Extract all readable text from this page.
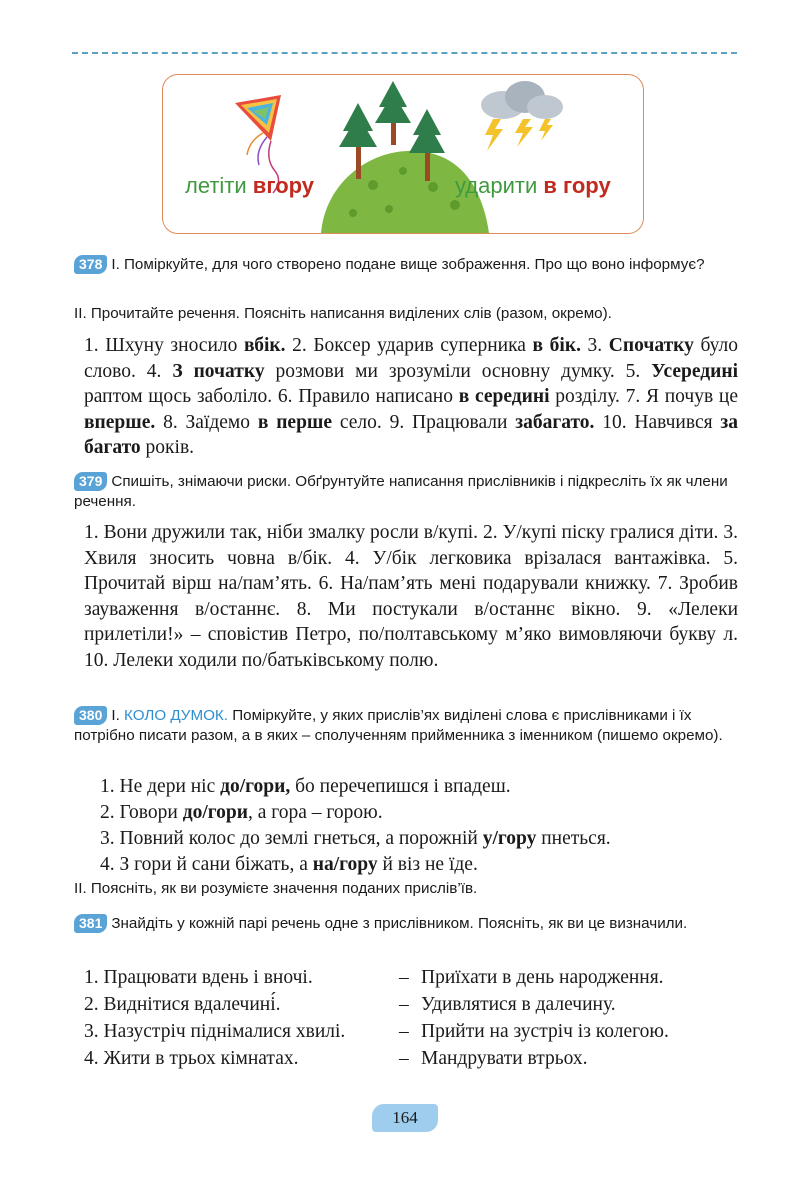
летіти вгору	ударити в гору
378 І. Поміркуйте, для чого створено подане вище зображення. Про що воно інформує?
ІІ. Прочитайте речення. Поясніть написання виділених слів (разом, окремо).
1. Шхуну зносило вбік. 2. Боксер ударив суперника в бік. 3. Спочатку було слово. 4. З початку розмови ми зрозуміли основну думку. 5. Усередині раптом щось заболіло. 6. Правило написано в середині розділу. 7. Я почув це вперше. 8. Заїдемо в перше село. 9. Працювали забагато. 10. Навчився за багато років.
379 Спишіть, знімаючи риски. Обґрунтуйте написання прислівників і підкресліть їх як члени речення.
1. Вони дружили так, ніби змалку росли в/купі. 2. У/купі піску гралися діти. 3. Хвиля зносить човна в/бік. 4. У/бік легковика врізалася вантажівка. 5. Прочитай вірш на/пам’ять. 6. На/пам’ять мені подарували книжку. 7. Зробив зауваження в/останнє. 8. Ми постукали в/останнє вікно. 9. «Лелеки прилетіли!» – сповістив Петро, по/полтавському м’яко вимовляючи букву л. 10. Лелеки ходили по/батьківському полю.
380 І. КОЛО ДУМОК. Поміркуйте, у яких прислів’ях виділені слова є прислівниками і їх потрібно писати разом, а в яких – сполученням прийменника з іменником (пишемо окремо).
1. Не дери ніс до/гори, бо перечепишся і впадеш.
2. Говори до/гори, а гора – горою.
3. Повний колос до землі гнеться, а порожній у/гору пнеться.
4. З гори й сани біжать, а на/гору й віз не їде.
ІІ. Поясніть, як ви розумієте значення поданих прислів’їв.
381 Знайдіть у кожній парі речень одне з прислівником. Поясніть, як ви це визначили.
1. Працювати вдень і вночі.	– Приїхати в день народження.
2. Виднітися вдалечині́.	– Удивлятися в далечину.
3. Назустріч піднімалися хвилі.	– Прийти на зустріч із колегою.
4. Жити в трьох кімнатах.	– Мандрувати втрьох.
164
